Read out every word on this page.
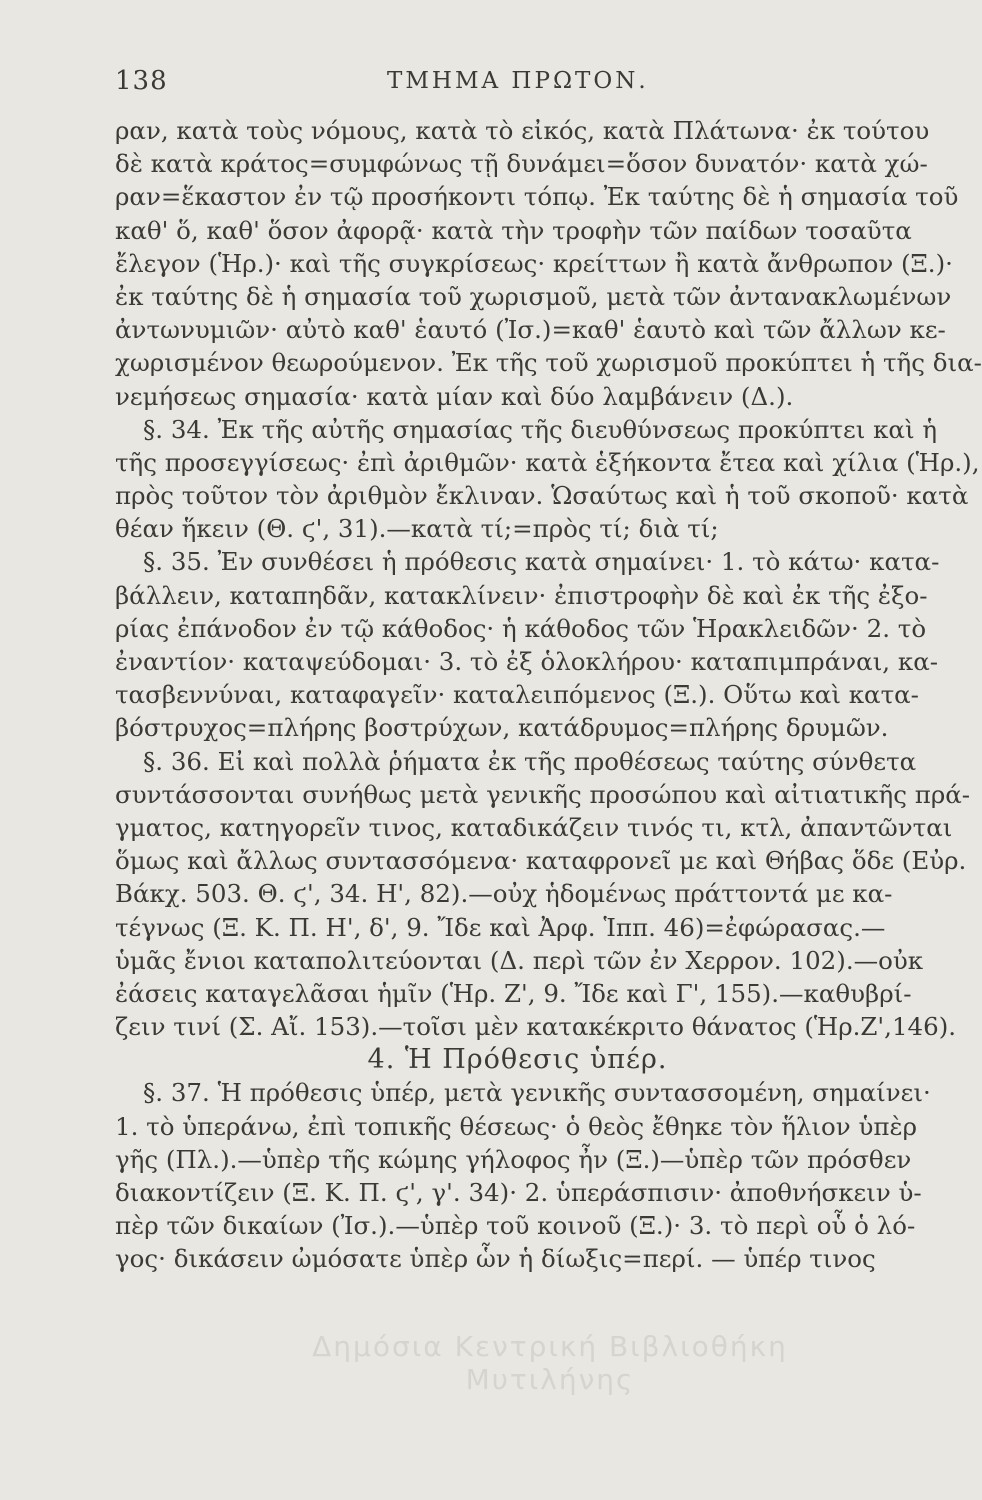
138	ΤΜΗΜΑ ΠΡΩΤΟΝ.
ραν, κατὰ τοὺς νόμους, κατὰ τὸ εἰκός, κατὰ Πλάτωνα· ἐκ τούτου
δὲ κατὰ κράτος=συμφώνως τῇ δυνάμει=ὅσον δυνατόν· κατὰ χώ-
ραν=ἕκαστον ἐν τῷ προσήκοντι τόπῳ. Ἐκ ταύτης δὲ ἡ σημασία τοῦ
καθ' ὅ, καθ' ὅσον ἀφορᾷ· κατὰ τὴν τροφὴν τῶν παίδων τοσαῦτα
ἔλεγον (Ἡρ.)· καὶ τῆς συγκρίσεως· κρείττων ἢ κατὰ ἄνθρωπον (Ξ.)·
ἐκ ταύτης δὲ ἡ σημασία τοῦ χωρισμοῦ, μετὰ τῶν ἀντανακλωμένων
ἀντωνυμιῶν· αὐτὸ καθ' ἑαυτό (Ἰσ.)=καθ' ἑαυτὸ καὶ τῶν ἄλλων κε-
χωρισμένον θεωρούμενον. Ἐκ τῆς τοῦ χωρισμοῦ προκύπτει ἡ τῆς δια-
νεμήσεως σημασία· κατὰ μίαν καὶ δύο λαμβάνειν (Δ.).
§. 34. Ἐκ τῆς αὐτῆς σημασίας τῆς διευθύνσεως προκύπτει καὶ ἡ
τῆς προσεγγίσεως· ἐπὶ ἀριθμῶν· κατὰ ἑξήκοντα ἔτεα καὶ χίλια (Ἡρ.),
πρὸς τοῦτον τὸν ἀριθμὸν ἔκλιναν. Ὡσαύτως καὶ ἡ τοῦ σκοποῦ· κατὰ
θέαν ἥκειν (Θ. ϛ', 31).—κατὰ τί;=πρὸς τί; διὰ τί;
§. 35. Ἐν συνθέσει ἡ πρόθεσις κατὰ σημαίνει· 1. τὸ κάτω· κατα-
βάλλειν, καταπηδᾶν, κατακλίνειν· ἐπιστροφὴν δὲ καὶ ἐκ τῆς ἐξο-
ρίας ἐπάνοδον ἐν τῷ κάθοδος· ἡ κάθοδος τῶν Ἡρακλειδῶν· 2. τὸ
ἐναντίον· καταψεύδομαι· 3. τὸ ἐξ ὁλοκλήρου· καταπιμπράναι, κα-
τασβεννύναι, καταφαγεῖν· καταλειπόμενος (Ξ.). Οὕτω καὶ κατα-
βόστρυχος=πλήρης βοστρύχων, κατάδρυμος=πλήρης δρυμῶν.
§. 36. Εἰ καὶ πολλὰ ῥήματα ἐκ τῆς προθέσεως ταύτης σύνθετα
συντάσσονται συνήθως μετὰ γενικῆς προσώπου καὶ αἰτιατικῆς πρά-
γματος, κατηγορεῖν τινος, καταδικάζειν τινός τι, κτλ, ἀπαντῶνται
ὅμως καὶ ἄλλως συντασσόμενα· καταφρονεῖ με καὶ Θήβας ὅδε (Εὐρ.
Βάκχ. 503. Θ. ϛ', 34. Η', 82).—οὐχ ἡδομένως πράττοντά με κα-
τέγνως (Ξ. Κ. Π. Η', δ', 9. Ἴδε καὶ Ἀρφ. Ἱππ. 46)=ἐφώρασας.—
ὑμᾶς ἔνιοι καταπολιτεύονται (Δ. περὶ τῶν ἐν Χερρον. 102).—οὐκ
ἐάσεις καταγελᾶσαι ἡμῖν (Ἡρ. Ζ', 9. Ἴδε καὶ Γ', 155).—καθυβρί-
ζειν τινί (Σ. Αἴ. 153).—τοῖσι μὲν κατακέκριτο θάνατος (Ἡρ.Ζ',146).
4. Ἡ Πρόθεσις ὑπέρ.
§. 37. Ἡ πρόθεσις ὑπέρ, μετὰ γενικῆς συντασσομένη, σημαίνει·
1. τὸ ὑπεράνω, ἐπὶ τοπικῆς θέσεως· ὁ θεὸς ἔθηκε τὸν ἥλιον ὑπὲρ
γῆς (Πλ.).—ὑπὲρ τῆς κώμης γήλοφος ἦν (Ξ.)—ὑπὲρ τῶν πρόσθεν
διακοντίζειν (Ξ. Κ. Π. ϛ', γ'. 34)· 2. ὑπεράσπισιν· ἀποθνήσκειν ὑ-
πὲρ τῶν δικαίων (Ἰσ.).—ὑπὲρ τοῦ κοινοῦ (Ξ.)· 3. τὸ περὶ οὗ ὁ λό-
γος· δικάσειν ὠμόσατε ὑπὲρ ὧν ἡ δίωξις=περί. — ὑπέρ τινος
Δημόσια Κεντρική Βιβλιοθήκη Μυτιλήνης
